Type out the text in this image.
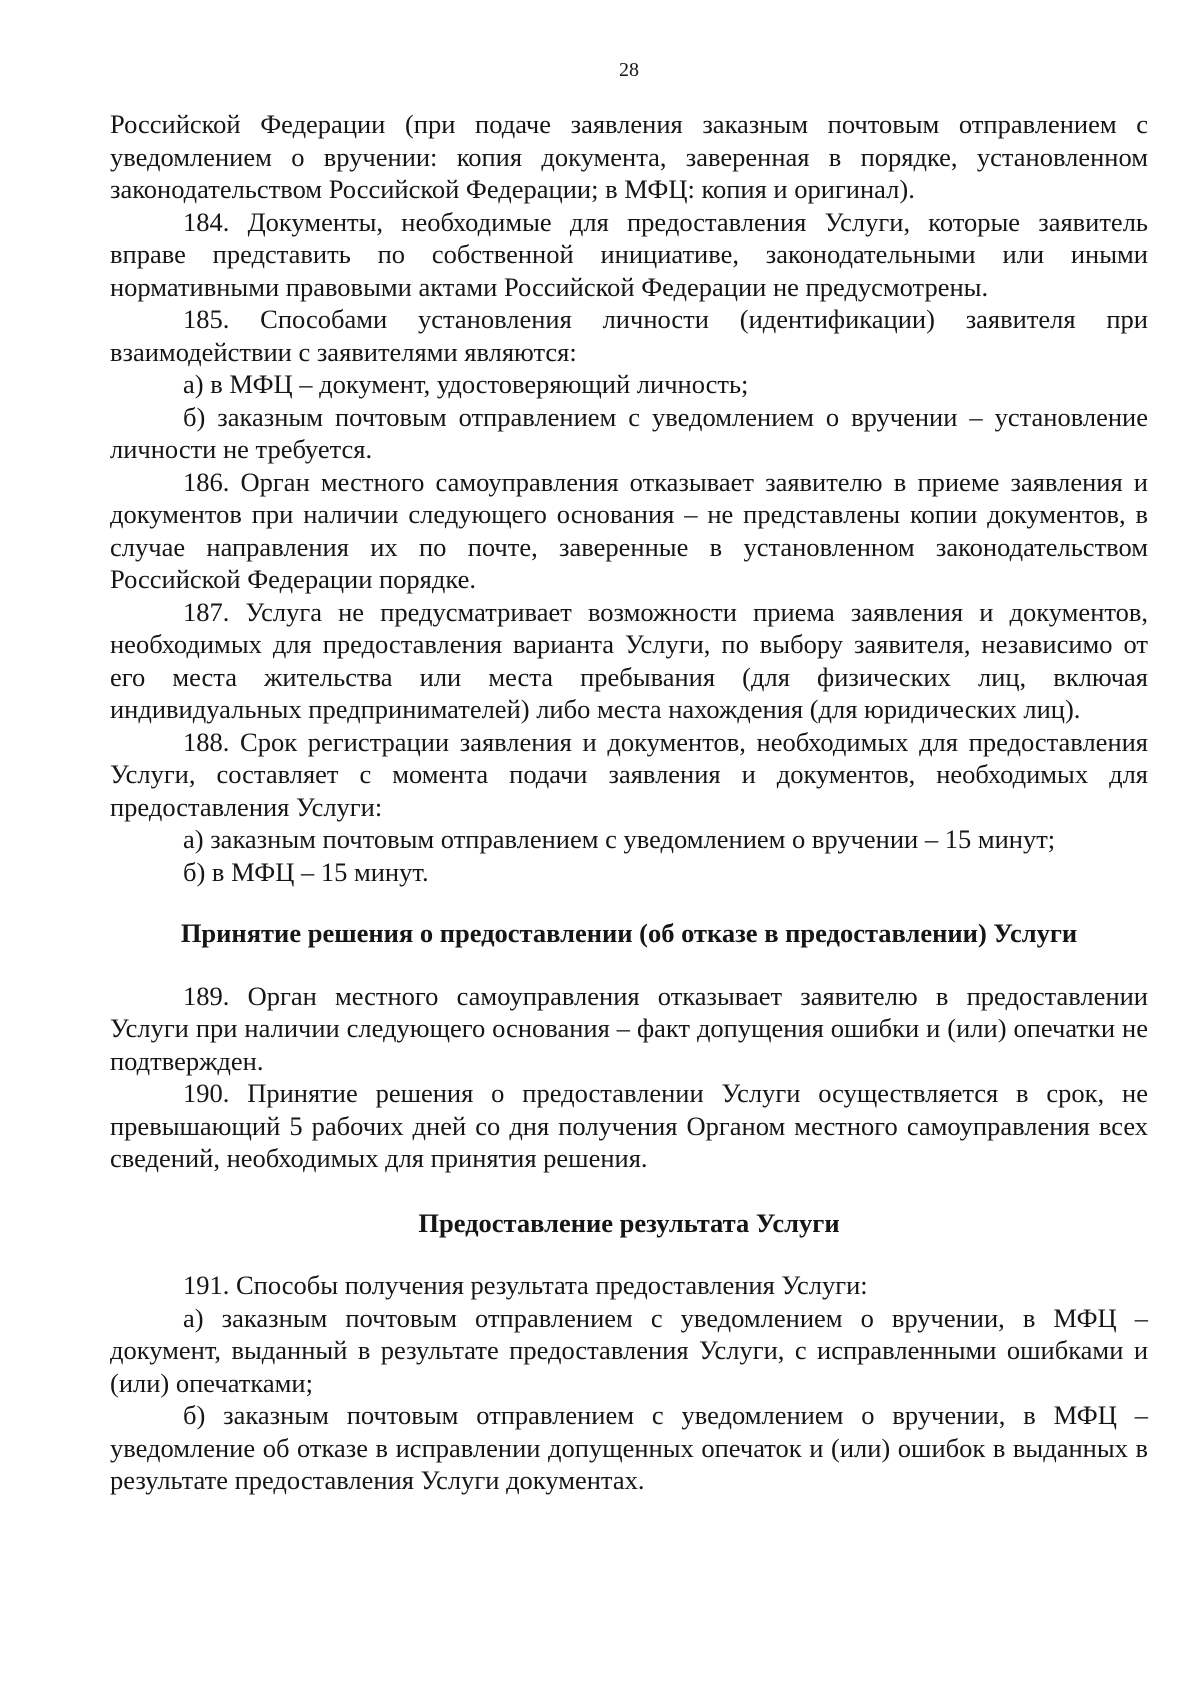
28

Российской Федерации (при подаче заявления заказным почтовым отправлением с уведомлением о вручении: копия документа, заверенная в порядке, установленном законодательством Российской Федерации; в МФЦ: копия и оригинал).

184. Документы, необходимые для предоставления Услуги, которые заявитель вправе представить по собственной инициативе, законодательными или иными нормативными правовыми актами Российской Федерации не предусмотрены.

185. Способами установления личности (идентификации) заявителя при взаимодействии с заявителями являются:

а) в МФЦ – документ, удостоверяющий личность;

б) заказным почтовым отправлением с уведомлением о вручении – установление личности не требуется.

186. Орган местного самоуправления отказывает заявителю в приеме заявления и документов при наличии следующего основания – не представлены копии документов, в случае направления их по почте, заверенные в установленном законодательством Российской Федерации порядке.

187. Услуга не предусматривает возможности приема заявления и документов, необходимых для предоставления варианта Услуги, по выбору заявителя, независимо от его места жительства или места пребывания (для физических лиц, включая индивидуальных предпринимателей) либо места нахождения (для юридических лиц).

188. Срок регистрации заявления и документов, необходимых для предоставления Услуги, составляет с момента подачи заявления и документов, необходимых для предоставления Услуги:

а) заказным почтовым отправлением с уведомлением о вручении – 15 минут;

б) в МФЦ – 15 минут.

Принятие решения о предоставлении (об отказе в предоставлении) Услуги

189. Орган местного самоуправления отказывает заявителю в предоставлении Услуги при наличии следующего основания – факт допущения ошибки и (или) опечатки не подтвержден.

190. Принятие решения о предоставлении Услуги осуществляется в срок, не превышающий 5 рабочих дней со дня получения Органом местного самоуправления всех сведений, необходимых для принятия решения.

Предоставление результата Услуги

191. Способы получения результата предоставления Услуги:

а) заказным почтовым отправлением с уведомлением о вручении, в МФЦ – документ, выданный в результате предоставления Услуги, с исправленными ошибками и (или) опечатками;

б) заказным почтовым отправлением с уведомлением о вручении, в МФЦ – уведомление об отказе в исправлении допущенных опечаток и (или) ошибок в выданных в результате предоставления Услуги документах.
